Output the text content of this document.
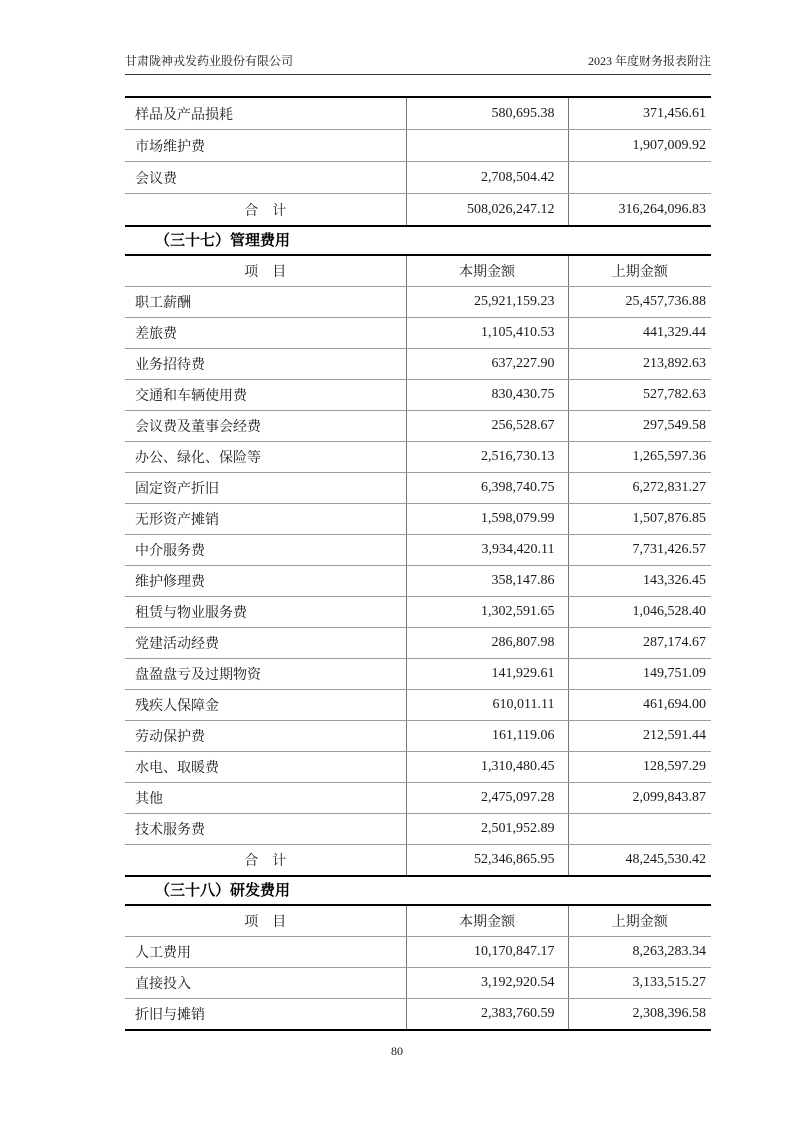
甘肃陇神戎发药业股份有限公司	2023 年度财务报表附注
样品及产品损耗	580,695.38	371,456.61
市场维护费		1,907,009.92
会议费	2,708,504.42	
合　计	508,026,247.12	316,264,096.83
（三十七）管理费用
项　目	本期金额	上期金额
职工薪酬	25,921,159.23	25,457,736.88
差旅费	1,105,410.53	441,329.44
业务招待费	637,227.90	213,892.63
交通和车辆使用费	830,430.75	527,782.63
会议费及董事会经费	256,528.67	297,549.58
办公、绿化、保险等	2,516,730.13	1,265,597.36
固定资产折旧	6,398,740.75	6,272,831.27
无形资产摊销	1,598,079.99	1,507,876.85
中介服务费	3,934,420.11	7,731,426.57
维护修理费	358,147.86	143,326.45
租赁与物业服务费	1,302,591.65	1,046,528.40
党建活动经费	286,807.98	287,174.67
盘盈盘亏及过期物资	141,929.61	149,751.09
残疾人保障金	610,011.11	461,694.00
劳动保护费	161,119.06	212,591.44
水电、取暖费	1,310,480.45	128,597.29
其他	2,475,097.28	2,099,843.87
技术服务费	2,501,952.89	
合　计	52,346,865.95	48,245,530.42
（三十八）研发费用
项　目	本期金额	上期金额
人工费用	10,170,847.17	8,263,283.34
直接投入	3,192,920.54	3,133,515.27
折旧与摊销	2,383,760.59	2,308,396.58
80
